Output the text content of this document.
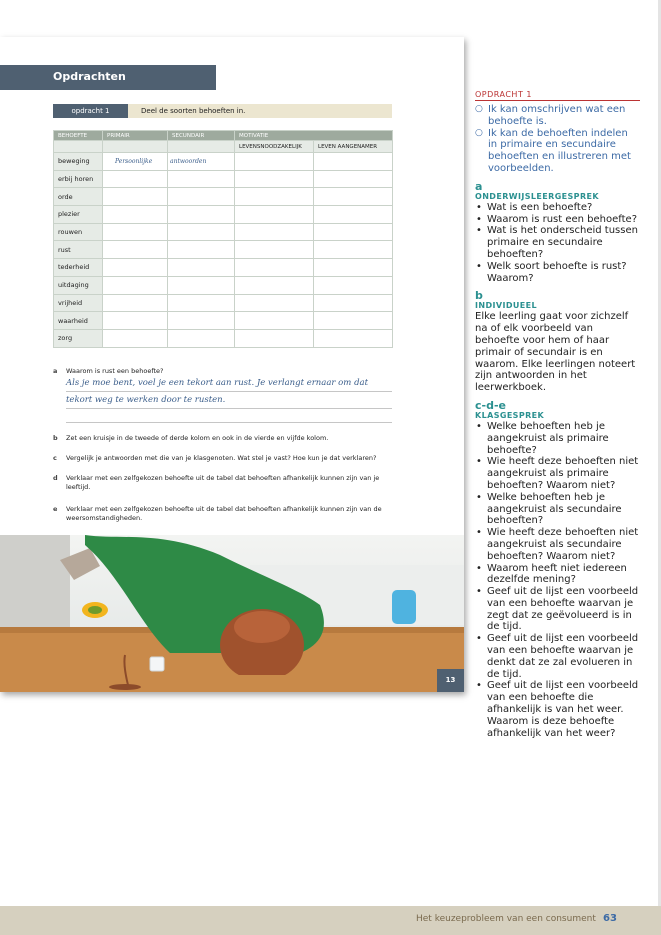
Opdrachten
opdracht 1	Deel de soorten behoeften in.
BEHOEFTE	PRIMAIR	SECUNDAIR	MOTIVATIE	
			LEVENSNOODZAKELIJK	LEVEN AANGENAMER
beweging	Persoonlijke	antwoorden		
erbij horen				
orde				
plezier				
rouwen				
rust				
tederheid				
uitdaging				
vrijheid				
waarheid				
zorg				
a Waarom is rust een behoefte?
Als je moe bent, voel je een tekort aan rust. Je verlangt ernaar om dat
tekort weg te werken door te rusten.
b Zet een kruisje in de tweede of derde kolom en ook in de vierde en vijfde kolom.
c Vergelijk je antwoorden met die van je klasgenoten. Wat stel je vast? Hoe kun je dat verklaren?
d Verklaar met een zelfgekozen behoefte uit de tabel dat behoeften afhankelijk kunnen zijn van je leeftijd.
e Verklaar met een zelfgekozen behoefte uit de tabel dat behoeften afhankelijk kunnen zijn van de weersomstandigheden.
13
OPDRACHT 1
○ Ik kan omschrijven wat een behoefte is.
○ Ik kan de behoeften indelen in primaire en secundaire behoeften en illustreren met voorbeelden.
a
ONDERWIJSLEERGESPREK
• Wat is een behoefte?
• Waarom is rust een behoefte?
• Wat is het onderscheid tussen primaire en secundaire behoeften?
• Welk soort behoefte is rust? Waarom?
b
INDIVIDUEEL
Elke leerling gaat voor zichzelf na of elk voorbeeld van behoefte voor hem of haar primair of secundair is en waarom. Elke leerlingen noteert zijn antwoorden in het leerwerkboek.
c-d-e
KLASGESPREK
• Welke behoeften heb je aangekruist als primaire behoefte?
• Wie heeft deze behoeften niet aangekruist als primaire behoeften? Waarom niet?
• Welke behoeften heb je aangekruist als secundaire behoeften?
• Wie heeft deze behoeften niet aangekruist als secundaire behoeften? Waarom niet?
• Waarom heeft niet iedereen dezelfde mening?
• Geef uit de lijst een voorbeeld van een behoefte waarvan je zegt dat ze geëvolueerd is in de tijd.
• Geef uit de lijst een voorbeeld van een behoefte waarvan je denkt dat ze zal evolueren in de tijd.
• Geef uit de lijst een voorbeeld van een behoefte die afhankelijk is van het weer. Waarom is deze behoefte afhankelijk van het weer?
Het keuzeprobleem van een consument 63
